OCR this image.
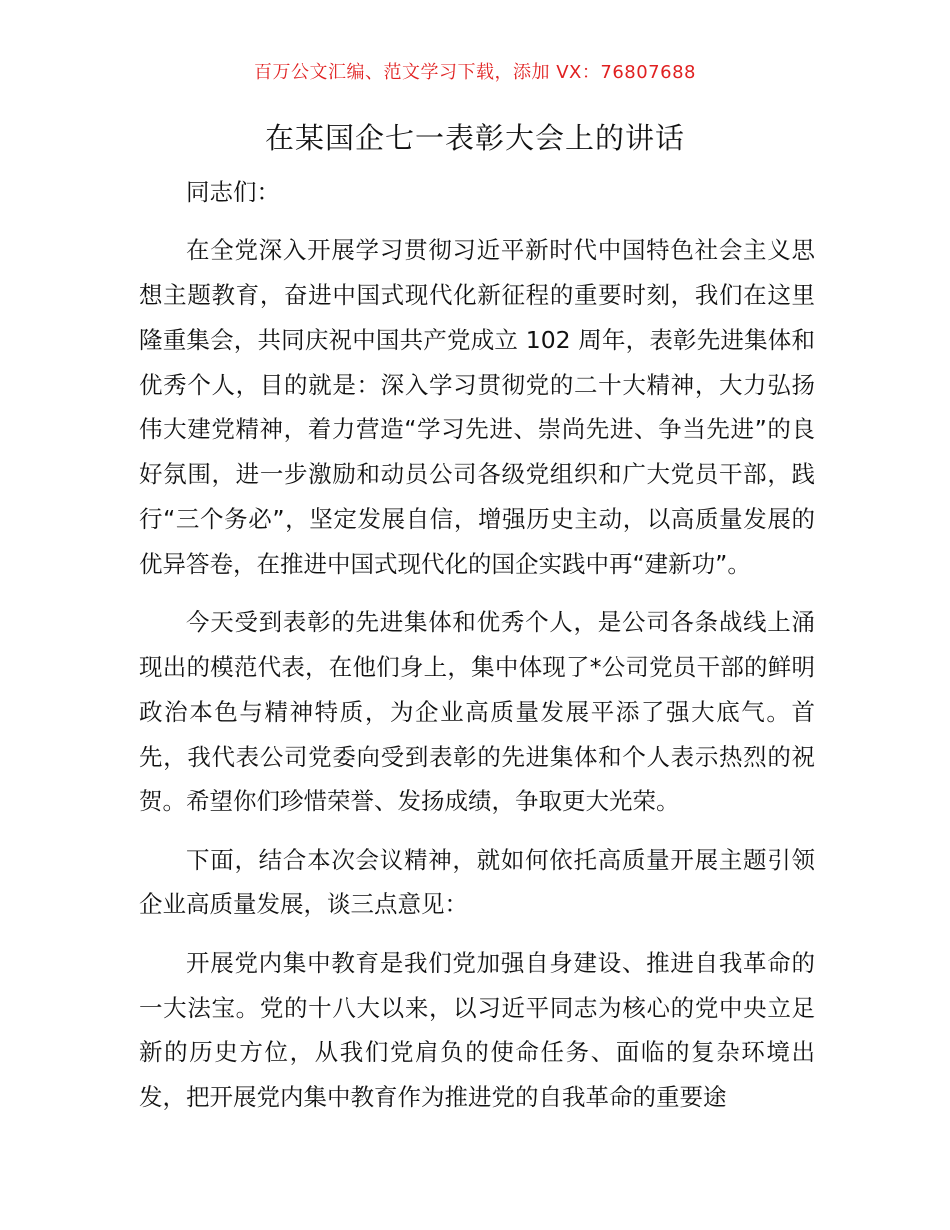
百万公文汇编、范文学习下载，添加 VX：76807688
在某国企七一表彰大会上的讲话

同志们：

在全党深入开展学习贯彻习近平新时代中国特色社会主义思想主题教育，奋进中国式现代化新征程的重要时刻，我们在这里隆重集会，共同庆祝中国共产党成立 102 周年，表彰先进集体和优秀个人，目的就是：深入学习贯彻党的二十大精神，大力弘扬伟大建党精神，着力营造“学习先进、崇尚先进、争当先进”的良好氛围，进一步激励和动员公司各级党组织和广大党员干部，践行“三个务必”，坚定发展自信，增强历史主动，以高质量发展的优异答卷，在推进中国式现代化的国企实践中再“建新功”。

今天受到表彰的先进集体和优秀个人，是公司各条战线上涌现出的模范代表，在他们身上，集中体现了*公司党员干部的鲜明政治本色与精神特质，为企业高质量发展平添了强大底气。首先，我代表公司党委向受到表彰的先进集体和个人表示热烈的祝贺。希望你们珍惜荣誉、发扬成绩，争取更大光荣。

下面，结合本次会议精神，就如何依托高质量开展主题引领企业高质量发展，谈三点意见：

开展党内集中教育是我们党加强自身建设、推进自我革命的一大法宝。党的十八大以来，以习近平同志为核心的党中央立足新的历史方位，从我们党肩负的使命任务、面临的复杂环境出发，把开展党内集中教育作为推进党的自我革命的重要途
